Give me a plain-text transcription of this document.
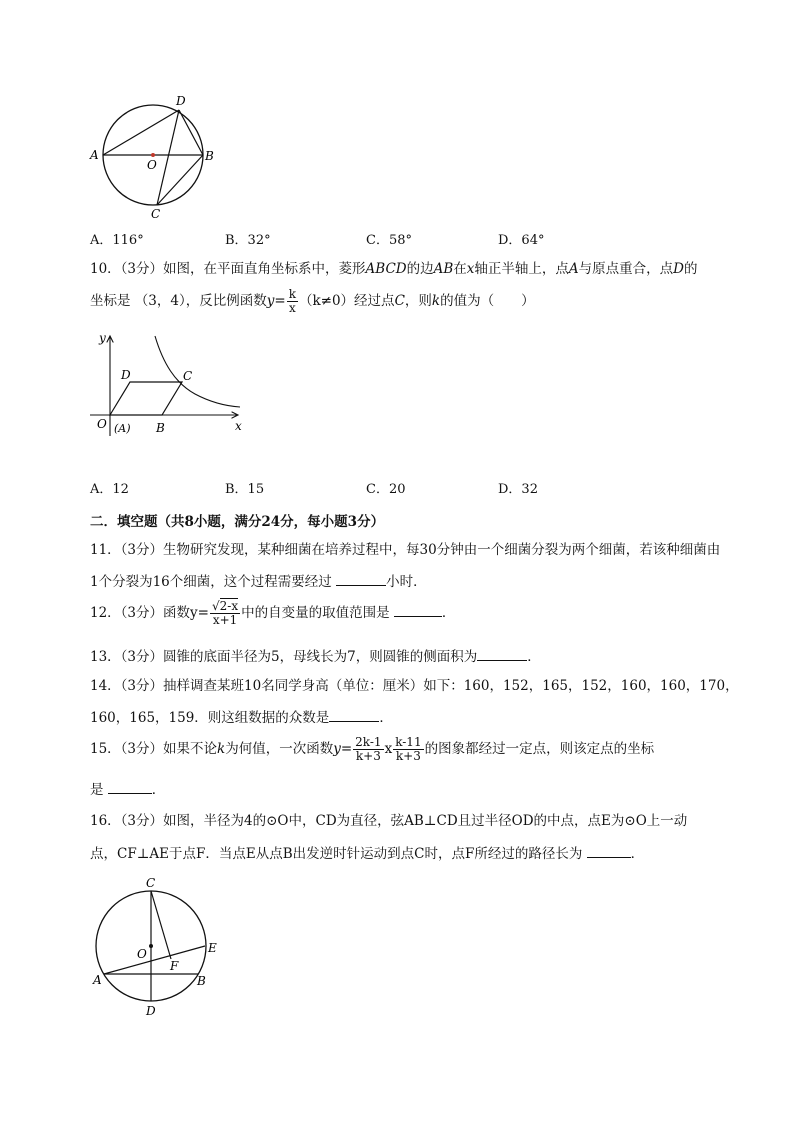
A	B
D
C
O
A．116°	B．32°	C．58°	D．64°
10．（3分）如图，在平面直角坐标系中，菱形ABCD的边AB在x轴正半轴上，点A与原点重合，点D的
坐标是 （3，4），反比例函数$y= \frac{k}{x} (k\ne 0)$经过点C，则k的值为（　　）
y
x
O (A) B
C
D
A．12	B．15	C．20	D．32
二．填空题（共8小题，满分24分，每小题3分）
11．（3分）生物研究发现，某种细菌在培养过程中，每30分钟由一个细菌分裂为两个细菌，若该种细菌由
1个分裂为16个细菌，这个过程需要经过	小时．
12．（3分）函数$y= \frac{√2-x}{x+1}$ 中的自变量的取值范围是	．
13．（3分）圆锥的底面半径为5，母线长为7，则圆锥的侧面积为	．
14．（3分）抽样调查某班10名同学身高（单位：厘米）如下：160，152，165，152，160，160，170，
160，165，159．则这组数据的众数是	．
15．（3分）如果不论k为何值，一次函数$y= \frac{2k-1}{k+3}$ x $\frac{k-11}{k+3}$ 的图象都经过一定点，则该定点的坐标
是	．
16．（3分）如图，半径为4的⊙O中，CD为直径，弦AB⊥CD且过半径OD的中点，点E为⊙O上一动
点，CF⊥AE于点F．当点E从点B出发逆时针运动到点C时，点F所经过的路径长为	．
C
D
A	B
E
F
O
